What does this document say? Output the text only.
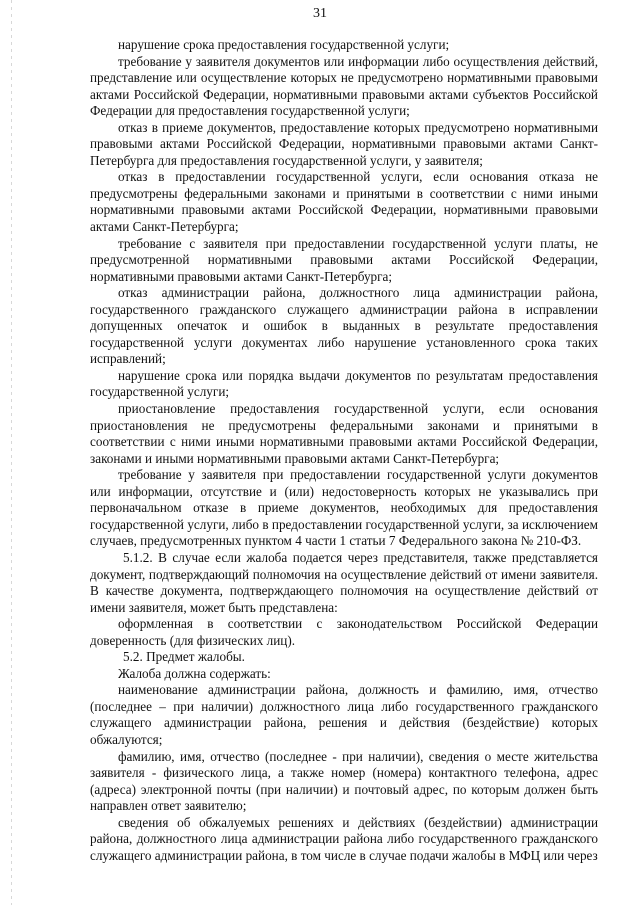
31

нарушение срока предоставления государственной услуги;

требование у заявителя документов или информации либо осуществления действий, представление или осуществление которых не предусмотрено нормативными правовыми актами Российской Федерации, нормативными правовыми актами субъектов Российской Федерации для предоставления государственной услуги;

отказ в приеме документов, предоставление которых предусмотрено нормативными правовыми актами Российской Федерации, нормативными правовыми актами Санкт-Петербурга для предоставления государственной услуги, у заявителя;

отказ в предоставлении государственной услуги, если основания отказа не предусмотрены федеральными законами и принятыми в соответствии с ними иными нормативными правовыми актами Российской Федерации, нормативными правовыми актами Санкт-Петербурга;

требование с заявителя при предоставлении государственной услуги платы, не предусмотренной нормативными правовыми актами Российской Федерации, нормативными правовыми актами Санкт-Петербурга;

отказ администрации района, должностного лица администрации района, государственного гражданского служащего администрации района в исправлении допущенных опечаток и ошибок в выданных в результате предоставления государственной услуги документах либо нарушение установленного срока таких исправлений;

нарушение срока или порядка выдачи документов по результатам предоставления государственной услуги;

приостановление предоставления государственной услуги, если основания приостановления не предусмотрены федеральными законами и принятыми в соответствии с ними иными нормативными правовыми актами Российской Федерации, законами и иными нормативными правовыми актами Санкт-Петербурга;

требование у заявителя при предоставлении государственной услуги документов или информации, отсутствие и (или) недостоверность которых не указывались при первоначальном отказе в приеме документов, необходимых для предоставления государственной услуги, либо в предоставлении государственной услуги, за исключением случаев, предусмотренных пунктом 4 части 1 статьи 7 Федерального закона № 210-ФЗ.

5.1.2. В случае если жалоба подается через представителя, также представляется документ, подтверждающий полномочия на осуществление действий от имени заявителя. В качестве документа, подтверждающего полномочия на осуществление действий от имени заявителя, может быть представлена:

оформленная в соответствии с законодательством Российской Федерации доверенность (для физических лиц).

5.2. Предмет жалобы.

Жалоба должна содержать:

наименование администрации района, должность и фамилию, имя, отчество (последнее – при наличии) должностного лица либо государственного гражданского служащего администрации района, решения и действия (бездействие) которых обжалуются;

фамилию, имя, отчество (последнее - при наличии), сведения о месте жительства заявителя - физического лица, а также номер (номера) контактного телефона, адрес (адреса) электронной почты (при наличии) и почтовый адрес, по которым должен быть направлен ответ заявителю;

сведения об обжалуемых решениях и действиях (бездействии) администрации района, должностного лица администрации района либо государственного гражданского служащего администрации района, в том числе в случае подачи жалобы в МФЦ или через
